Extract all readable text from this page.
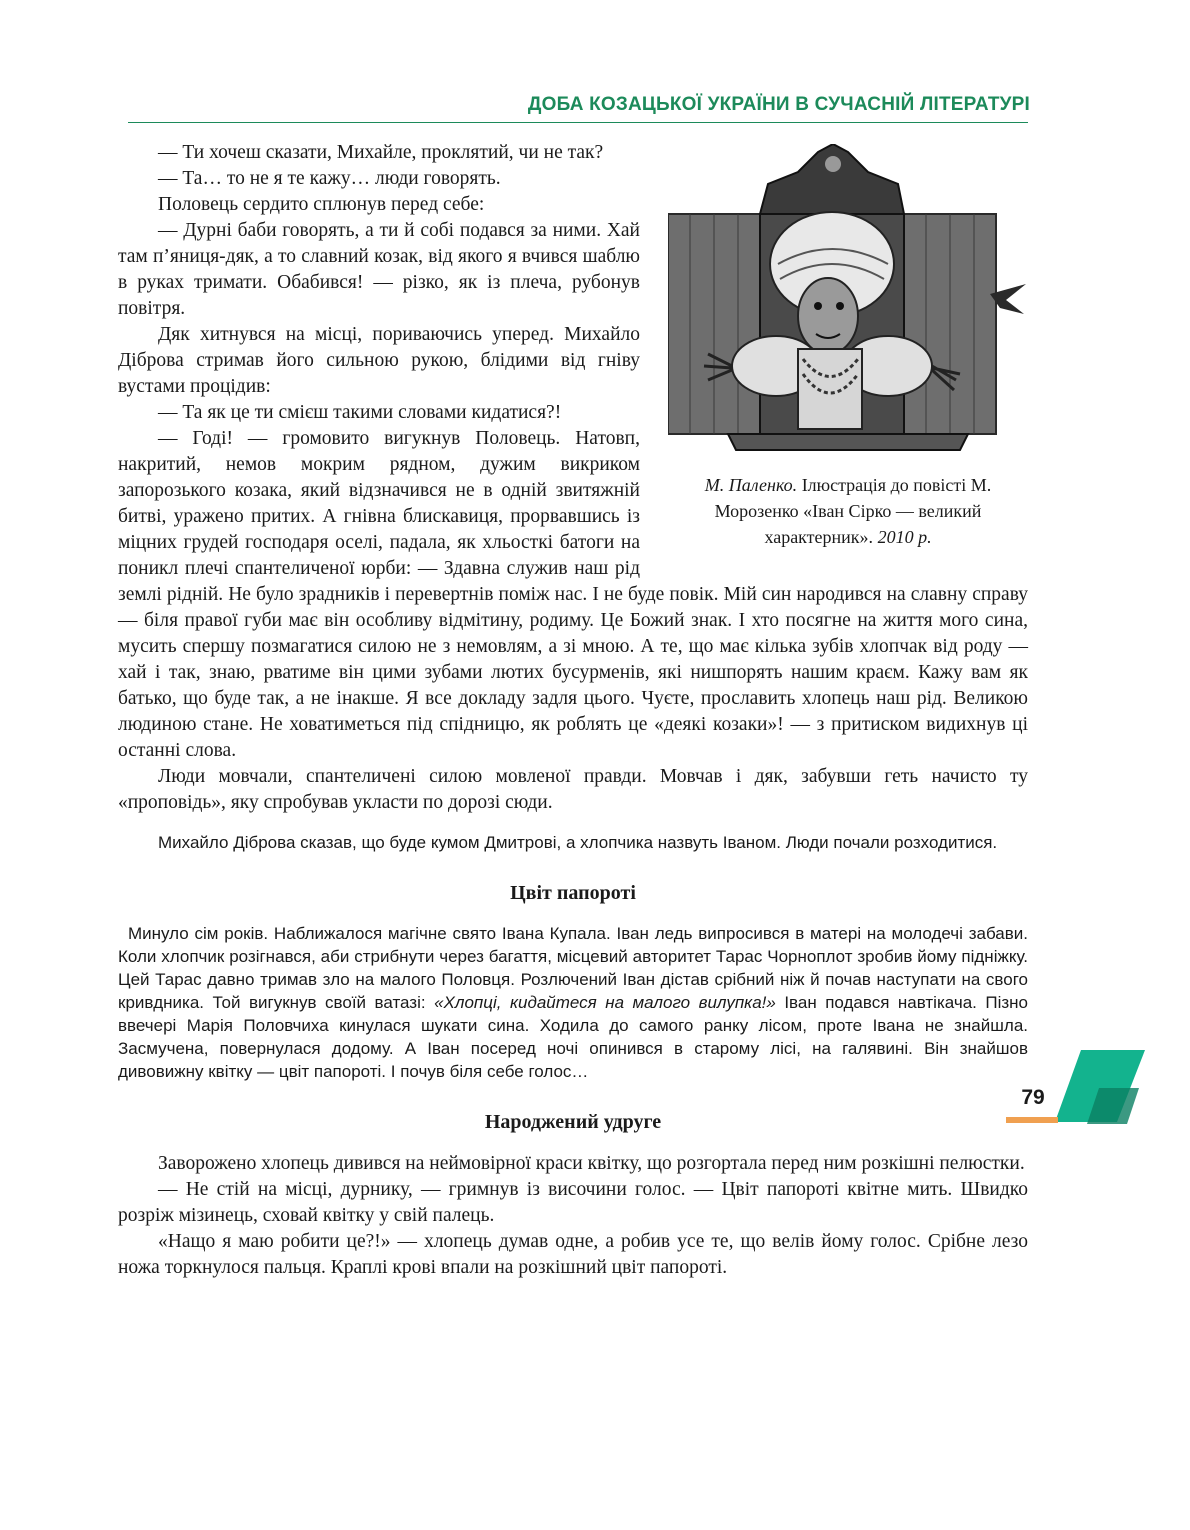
ДОБА КОЗАЦЬКОЇ УКРАЇНИ В СУЧАСНІЙ ЛІТЕРАТУРІ
М. Паленко. Ілюстрація до повісті М. Морозенко «Іван Сірко — великий характерник». 2010 р.

— Ти хочеш сказати, Михайле, проклятий, чи не так?

— Та… то не я те кажу… люди говорять.

Половець сердито сплюнув перед себе:

— Дурні баби говорять, а ти й собі подався за ними. Хай там п’яниця-дяк, а то славний козак, від якого я вчився шаблю в руках тримати. Обабився! — різко, як із плеча, рубонув повітря.

Дяк хитнувся на місці, пориваючись уперед. Михайло Діброва стримав його сильною рукою, блідими від гніву вустами процідив:

— Та як це ти смієш такими словами кидатися?!

— Годі! — громовито вигукнув Половець. Натовп, накритий, немов мокрим рядном, дужим викриком запорозького козака, який відзначився не в одній звитяжній битві, уражено притих. А гнівна блискавиця, прорвавшись із міцних грудей господаря оселі, падала, як хльосткі батоги на поникл плечі спантеличеної юрби: — Здавна служив наш рід землі рідній. Не було зрадників і перевертнів поміж нас. І не буде повік. Мій син народився на славну справу — біля правої губи має він особливу відмітину, родиму. Це Божий знак. І хто посягне на життя мого сина, мусить спершу позмагатися силою не з немовлям, а зі мною. А те, що має кілька зубів хлопчак від роду — хай і так, знаю, рватиме він цими зубами лютих бусурменів, які нишпорять нашим краєм. Кажу вам як батько, що буде так, а не інакше. Я все докладу задля цього. Чуєте, прославить хлопець наш рід. Великою людиною стане. Не ховатиметься під спідницю, як роблять це «деякі козаки»! — з притиском видихнув ці останні слова.

Люди мовчали, спантеличені силою мовленої правди. Мовчав і дяк, забувши геть начисто ту «проповідь», яку спробував укласти по дорозі сюди.

Михайло Діброва сказав, що буде кумом Дмитрові, а хлопчика назвуть Іваном. Люди почали розходитися.

Цвіт папороті

Минуло сім років. Наближалося магічне свято Івана Купала. Іван ледь випросився в матері на молодечі забави. Коли хлопчик розігнався, аби стрибнути через багаття, місцевий авторитет Тарас Чорноплот зробив йому підніжку. Цей Тарас давно тримав зло на малого Половця. Розлючений Іван дістав срібний ніж й почав наступати на свого кривдника. Той вигукнув своїй ватазі: «Хлопці, кидайтеся на малого вилупка!» Іван подався навтікача. Пізно ввечері Марія Половчиха кинулася шукати сина. Ходила до самого ранку лісом, проте Івана не знайшла. Засмучена, повернулася додому. А Іван посеред ночі опинився в старому лісі, на галявині. Він знайшов дивовижну квітку — цвіт папороті. І почув біля себе голос…

Народжений удруге

Заворожено хлопець дивився на неймовірної краси квітку, що розгортала перед ним розкішні пелюстки.

— Не стій на місці, дурнику, — гримнув із височини голос. — Цвіт папороті квітне мить. Швидко розріж мізинець, сховай квітку у свій палець.

«Нащо я маю робити це?!» — хлопець думав одне, а робив усе те, що велів йому голос. Срібне лезо ножа торкнулося пальця. Краплі крові впали на розкішний цвіт папороті.

79
